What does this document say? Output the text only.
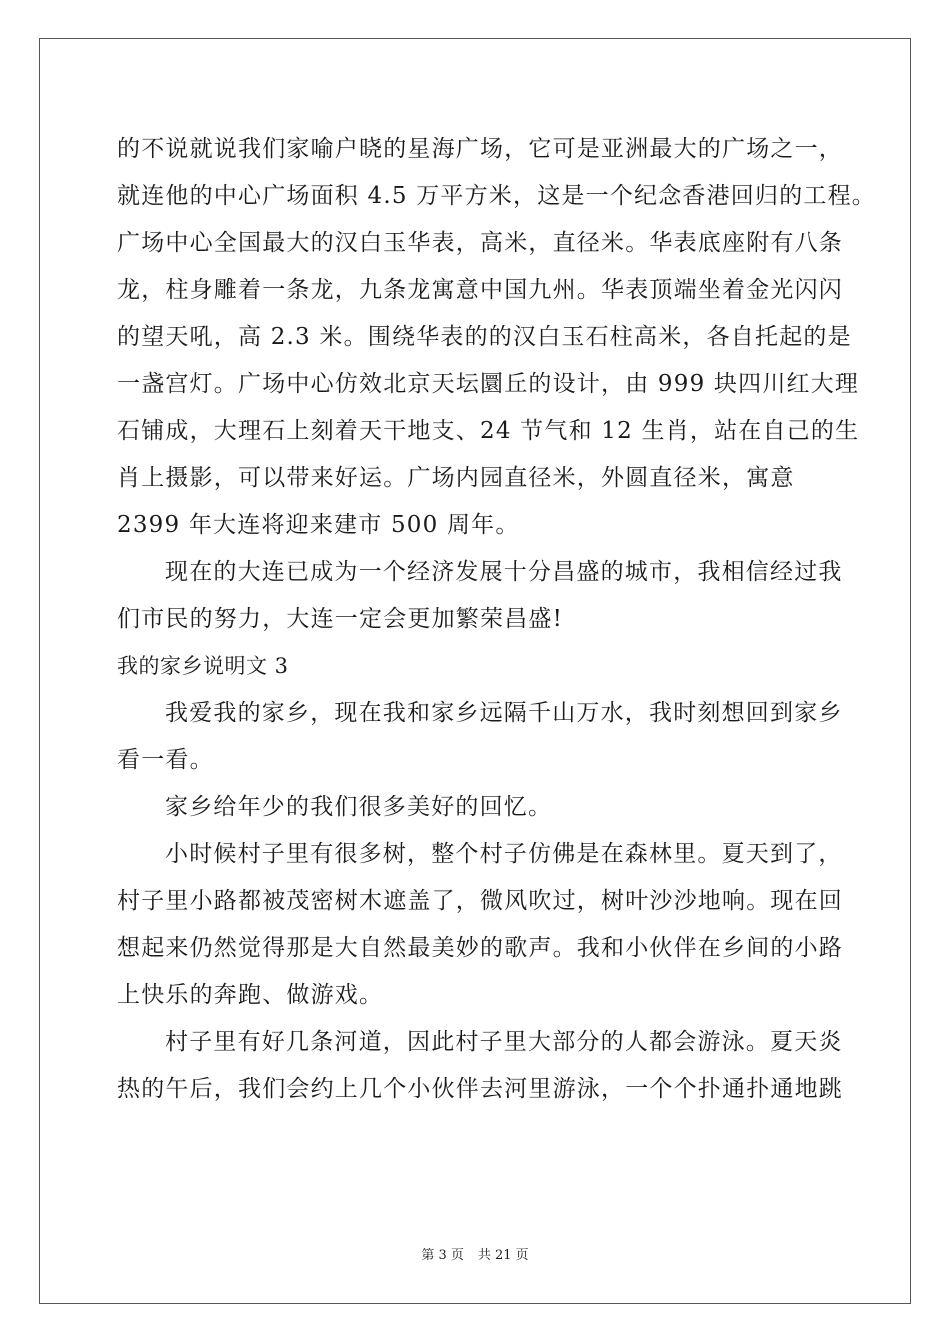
的不说就说我们家喻户晓的星海广场，它可是亚洲最大的广场之一，
就连他的中心广场面积 4.5 万平方米，这是一个纪念香港回归的工程。
广场中心全国最大的汉白玉华表，高米，直径米。华表底座附有八条
龙，柱身雕着一条龙，九条龙寓意中国九州。华表顶端坐着金光闪闪
的望天吼，高 2.3 米。围绕华表的的汉白玉石柱高米，各自托起的是
一盏宫灯。广场中心仿效北京天坛圜丘的设计，由 999 块四川红大理
石铺成，大理石上刻着天干地支、24 节气和 12 生肖，站在自己的生
肖上摄影，可以带来好运。广场内园直径米，外圆直径米，寓意
2399 年大连将迎来建市 500 周年。
现在的大连已成为一个经济发展十分昌盛的城市，我相信经过我
们市民的努力，大连一定会更加繁荣昌盛!
我的家乡说明文 3
我爱我的家乡，现在我和家乡远隔千山万水，我时刻想回到家乡
看一看。
家乡给年少的我们很多美好的回忆。
小时候村子里有很多树，整个村子仿佛是在森林里。夏天到了，
村子里小路都被茂密树木遮盖了，微风吹过，树叶沙沙地响。现在回
想起来仍然觉得那是大自然最美妙的歌声。我和小伙伴在乡间的小路
上快乐的奔跑、做游戏。
村子里有好几条河道，因此村子里大部分的人都会游泳。夏天炎
热的午后，我们会约上几个小伙伴去河里游泳，一个个扑通扑通地跳
第 3 页 共 21 页
